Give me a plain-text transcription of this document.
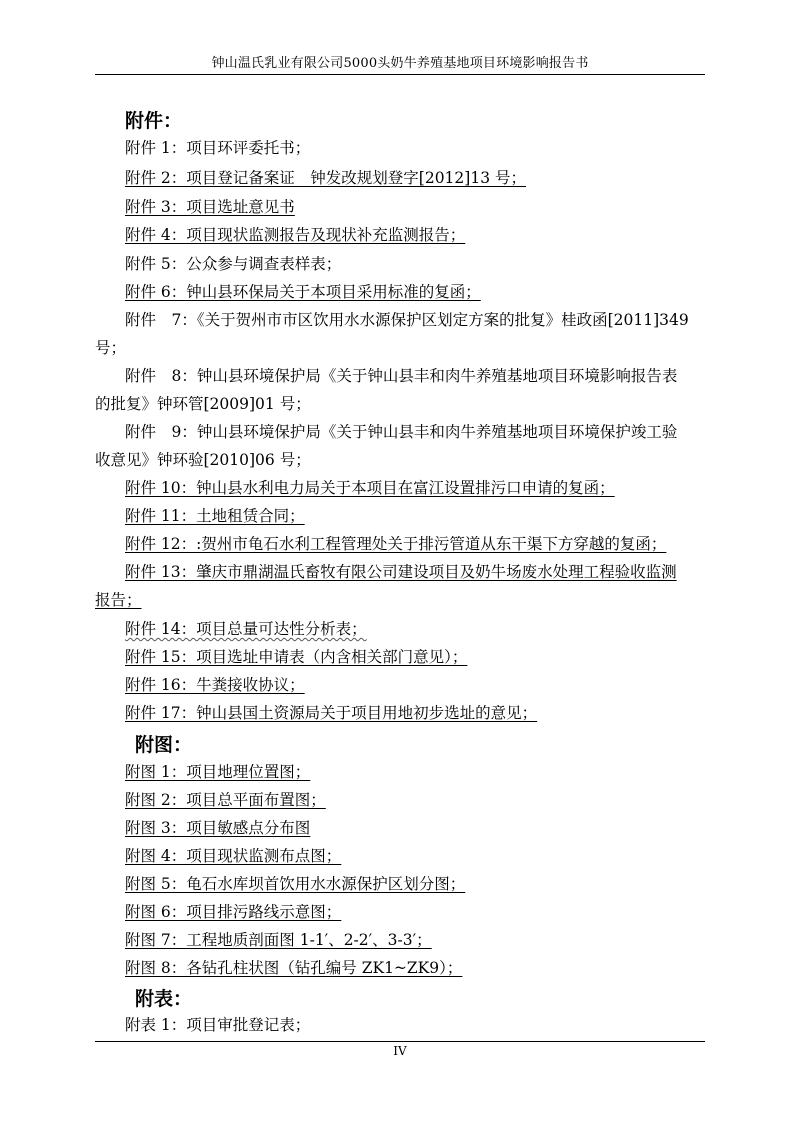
钟山温氏乳业有限公司5000头奶牛养殖基地项目环境影响报告书
附件：
附件 1：项目环评委托书；
附件 2：项目登记备案证　钟发改规划登字[2012]13 号；
附件 3：项目选址意见书
附件 4：项目现状监测报告及现状补充监测报告；
附件 5：公众参与调查表样表；
附件 6：钟山县环保局关于本项目采用标准的复函；
附件　7：《关于贺州市市区饮用水水源保护区划定方案的批复》桂政函[2011]349
号；
附件　8：钟山县环境保护局《关于钟山县丰和肉牛养殖基地项目环境影响报告表
的批复》钟环管[2009]01 号；
附件　9：钟山县环境保护局《关于钟山县丰和肉牛养殖基地项目环境保护竣工验
收意见》钟环验[2010]06 号；
附件 10：钟山县水利电力局关于本项目在富江设置排污口申请的复函；
附件 11：土地租赁合同；
附件 12：:贺州市龟石水利工程管理处关于排污管道从东干渠下方穿越的复函；
附件 13：肇庆市鼎湖温氏畜牧有限公司建设项目及奶牛场废水处理工程验收监测
报告；
附件 14：项目总量可达性分析表；
附件 15：项目选址申请表（内含相关部门意见）；
附件 16：牛粪接收协议；
附件 17：钟山县国土资源局关于项目用地初步选址的意见；
附图：
附图 1：项目地理位置图；
附图 2：项目总平面布置图；
附图 3：项目敏感点分布图
附图 4：项目现状监测布点图；
附图 5：龟石水库坝首饮用水水源保护区划分图；
附图 6：项目排污路线示意图；
附图 7：工程地质剖面图 1-1′、2-2′、3-3′；
附图 8：各钻孔柱状图（钻孔编号 ZK1~ZK9）；
附表：
附表 1：项目审批登记表；
IV
